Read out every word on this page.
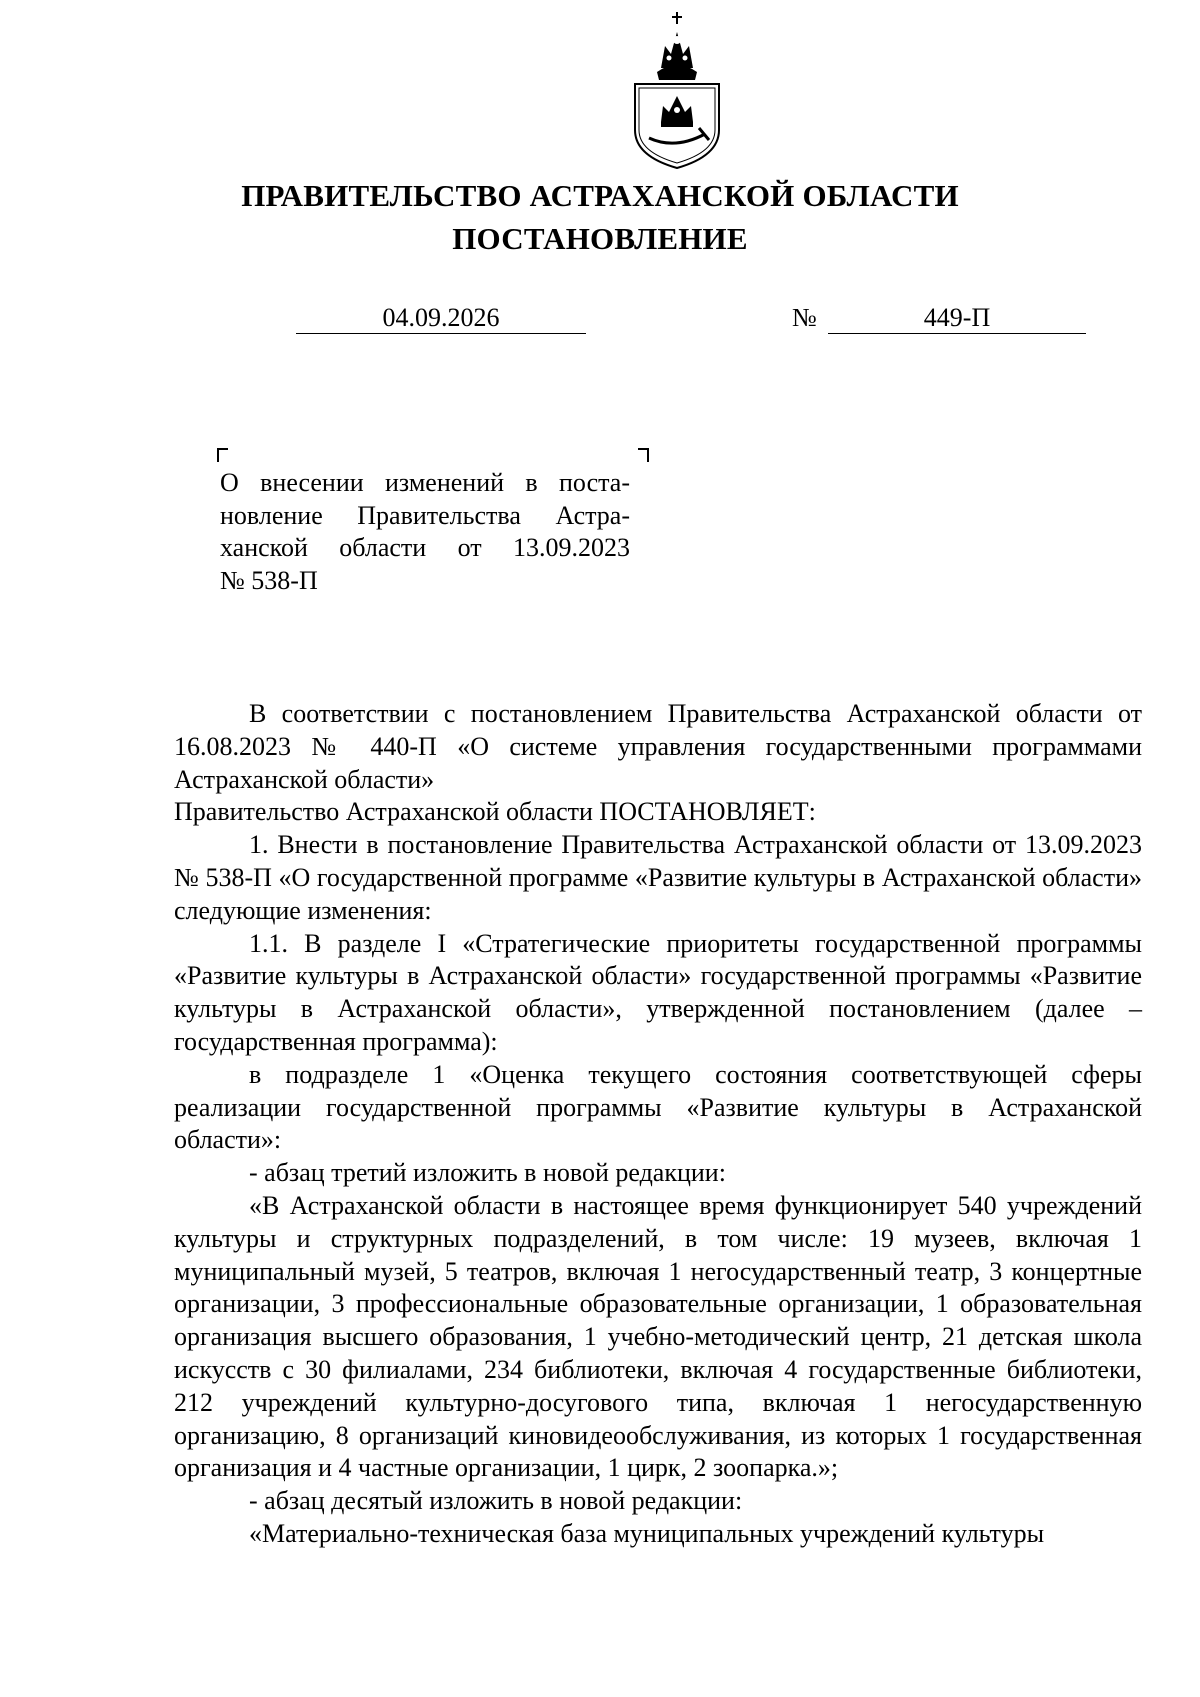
ПРАВИТЕЛЬСТВО АСТРАХАНСКОЙ ОБЛАСТИ
ПОСТАНОВЛЕНИЕ
04.09.2026	№	449-П
О внесении изменений в поста-
новление Правительства Астра-
ханской области от 13.09.2023
№ 538-П

В соответствии с постановлением Правительства Астраханской области от 16.08.2023 № 440-П «О системе управления государственными программами Астраханской области»

Правительство Астраханской области ПОСТАНОВЛЯЕТ:

1. Внести в постановление Правительства Астраханской области от 13.09.2023 № 538-П «О государственной программе «Развитие культуры в Астраханской области» следующие изменения:

1.1. В разделе I «Стратегические приоритеты государственной программы «Развитие культуры в Астраханской области» государственной программы «Развитие культуры в Астраханской области», утвержденной постановлением (далее – государственная программа):

в подразделе 1 «Оценка текущего состояния соответствующей сферы реализации государственной программы «Развитие культуры в Астраханской области»:

- абзац третий изложить в новой редакции:

«В Астраханской области в настоящее время функционирует 540 учреждений культуры и структурных подразделений, в том числе: 19 музеев, включая 1 муниципальный музей, 5 театров, включая 1 негосударственный театр, 3 концертные организации, 3 профессиональные образовательные организации, 1 образовательная организация высшего образования, 1 учебно-методический центр, 21 детская школа искусств с 30 филиалами, 234 библиотеки, включая 4 государственные библиотеки, 212 учреждений культурно-досугового типа, включая 1 негосударственную организацию, 8 организаций киновидеообслуживания, из которых 1 государственная организация и 4 частные организации, 1 цирк, 2 зоопарка.»;

- абзац десятый изложить в новой редакции:

«Материально-техническая база муниципальных учреждений культуры
